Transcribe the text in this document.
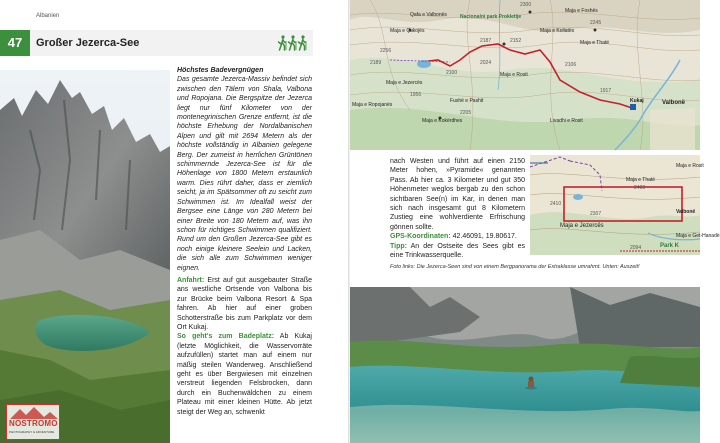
Albanien
47	Großer Jezerca-See
Höchstes Badevergnügen
Das gesamte Jezerca-Massiv befindet sich zwischen den Tälern von Shala, Valbona und Ropojana. Die Bergspitze der Jezerca liegt nur fünf Kilometer von der montenegrinischen Grenze entfernt, ist die höchste Erhebung der Nordalbanischen Alpen und gilt mit 2694 Metern als der höchste vollständig in Albanien gelegene Berg. Der zumeist in herrlichen Grüntönen schimmernde Jezerca-See ist für die Höhenlage von 1800 Metern erstaunlich warm. Dies rührt daher, dass er ziemlich seicht, ja im Spätsommer oft zu seicht zum Schwimmen ist. Im Idealfall weist der Bergsee eine Länge von 280 Metern bei einer Breite von 180 Metern auf, was ihn schon für richtiges Schwimmen qualifiziert. Rund um den Großen Jezerca-See gibt es noch einige kleinere Seelein und Lacken, die sich alle zum Schwimmen weniger eignen.
Anfahrt: Erst auf gut ausgebauter Straße ans westliche Ortsende von Valbona bis zur Brücke beim Valbona Resort & Spa fahren. Ab hier auf einer groben Schotterstraße bis zum Parkplatz vor dem Ort Kukaj.
So geht's zum Badeplatz: Ab Kukaj (letzte Möglichkeit, die Wasservorräte aufzufüllen) startet man auf einem nur mäßig steilen Wanderweg. Anschließend geht es über Bergwiesen mit einzelnen verstreut liegenden Felsbrocken, dann durch ein Buchenwäldchen zu einem Plateau mit einer kleinen Hütte. Ab jetzt steigt der Weg an, schwenkt
NOSTROMO
PHOTOGRAPHY & ADVENTURE
Maja e Ropojanës
Maja e Çukojës
Nacionalni park Prokletije
Maja e Foshës
Maja e Thatë
Maja e Kollatës
Maja e Kokërdhes
Kukaj	Valbonë
Maja e Rosit
Maja e Jezercës
Fushë e Pashit
Livadhi e Rosit
Qafa e Valbonës
2256
2187	2152
2024
2300
2245
2106
1917
1956
2189
2100
2205
nach Westen und führt auf einen 2150 Meter hohen, »Pyramide« genannten Pass. Ab hier ca. 3 Kilometer und gut 350 Höhenmeter weglos bergab zu den schon sichtbaren See(n) im Kar, in denen man sich nach insgesamt gut 8 Kilometern Zustieg eine wohlverdiente Erfrischung gönnen sollte.
GPS-Koordinaten: 42.46091, 19.80617.
Tipp: An der Ostseite des Sees gibt es eine Trinkwasserquelle.
Maja e Thatë
Maja e Jezercës
Valbonë
Maja e Rosit
Maja e Get-Hanadë
Park K
2400
2410
2307
2094
Foto links: Die Jezerca-Seen sind von einem Bergpanorama der Extraklasse umrahmt. Unten: Auszeit!
